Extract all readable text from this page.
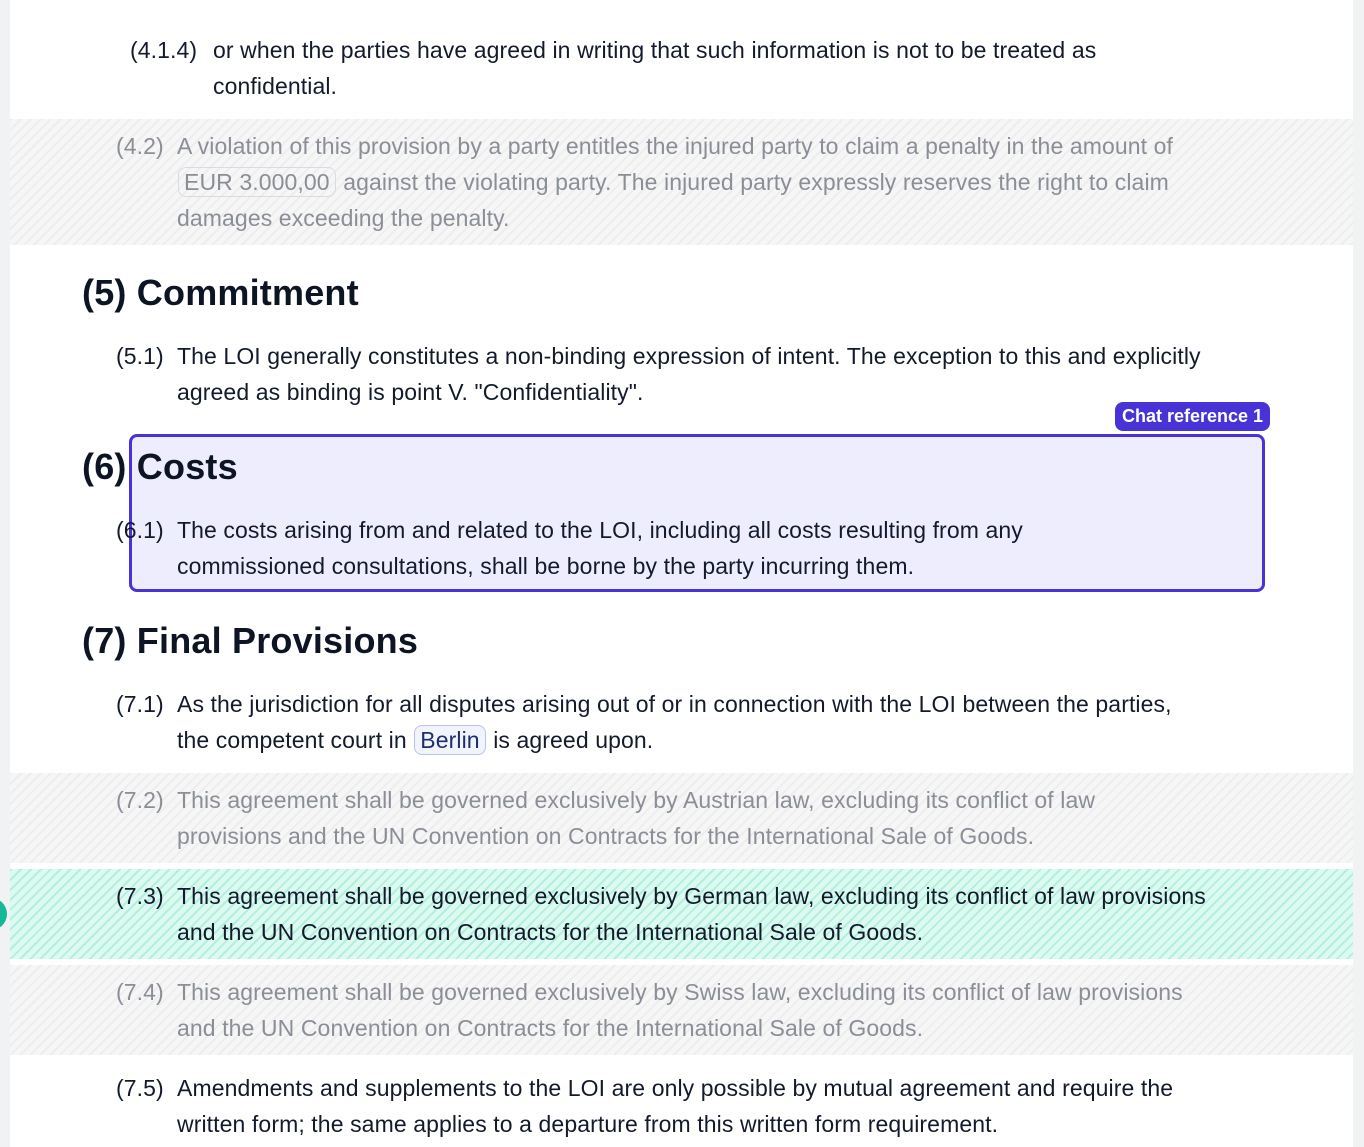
(4.1.4) or when the parties have agreed in writing that such information is not to be treated as confidential.
(4.2) A violation of this provision by a party entitles the injured party to claim a penalty in the amount of EUR 3.000,00 against the violating party. The injured party expressly reserves the right to claim damages exceeding the penalty.
(5) Commitment
(5.1) The LOI generally constitutes a non-binding expression of intent. The exception to this and explicitly agreed as binding is point V. "Confidentiality".
Chat reference 1
(6) Costs
(6.1) The costs arising from and related to the LOI, including all costs resulting from any commissioned consultations, shall be borne by the party incurring them.
(7) Final Provisions
(7.1) As the jurisdiction for all disputes arising out of or in connection with the LOI between the parties, the competent court in Berlin is agreed upon.
(7.2) This agreement shall be governed exclusively by Austrian law, excluding its conflict of law provisions and the UN Convention on Contracts for the International Sale of Goods.
(7.3) This agreement shall be governed exclusively by German law, excluding its conflict of law provisions and the UN Convention on Contracts for the International Sale of Goods.
(7.4) This agreement shall be governed exclusively by Swiss law, excluding its conflict of law provisions and the UN Convention on Contracts for the International Sale of Goods.
(7.5) Amendments and supplements to the LOI are only possible by mutual agreement and require the written form; the same applies to a departure from this written form requirement.
